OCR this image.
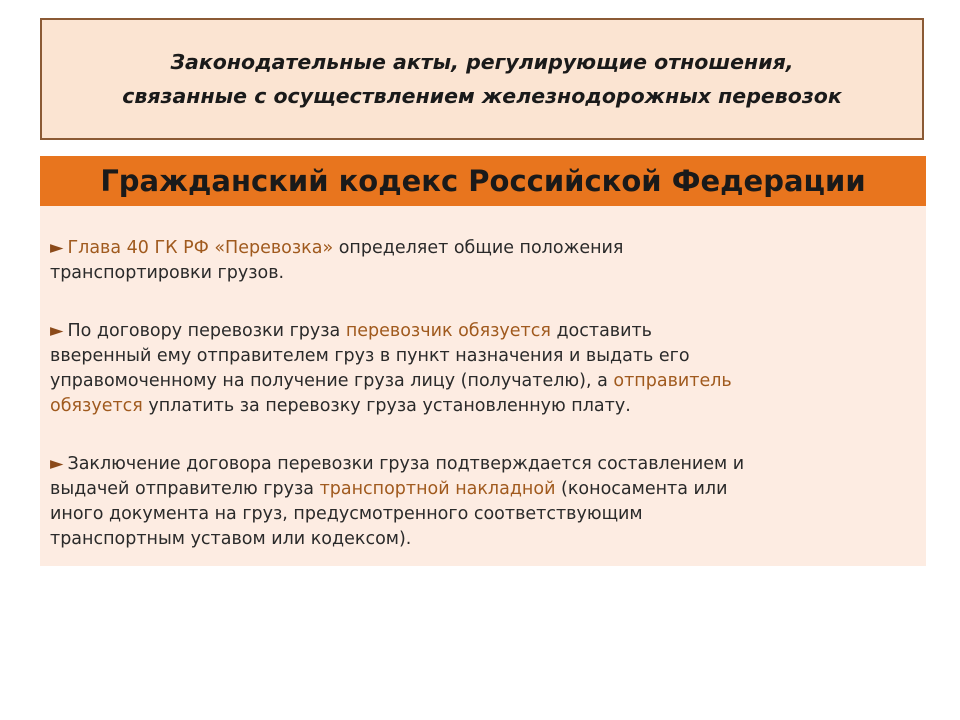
Законодательные акты, регулирующие отношения,
связанные с осуществлением железнодорожных перевозок
Гражданский кодекс Российской Федерации

► Глава 40 ГК РФ «Перевозка» определяет общие положения
транспортировки грузов.

► По договору перевозки груза перевозчик обязуется доставить
вверенный ему отправителем груз в пункт назначения и выдать его
управомоченному на получение груза лицу (получателю), а отправитель
обязуется уплатить за перевозку груза установленную плату.

► Заключение договора перевозки груза подтверждается составлением и
выдачей отправителю груза транспортной накладной (коносамента или
иного документа на груз, предусмотренного соответствующим
транспортным уставом или кодексом).
